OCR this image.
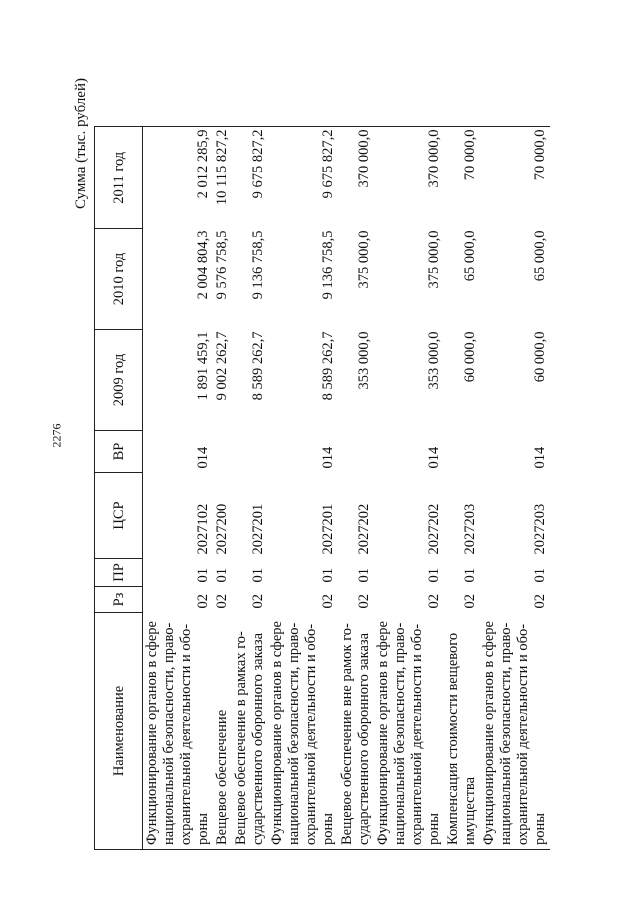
2276
Сумма (тыс. рублей)
Наименование	Рз	ПР	ЦСР	ВР	2009 год	2010 год	2011 год
Функционирование органов в сфере национальной безопасности, право-охранительной деятельности и обо-роны	02	01	2027102	014	1 891 459,1	2 004 804,3	2 012 285,9
Вещевое обеспечение	02	01	2027200		9 002 262,7	9 576 758,5	10 115 827,2
Вещевое обеспечение в рамках го-сударственного оборонного заказа	02	01	2027201		8 589 262,7	9 136 758,5	9 675 827,2
Функционирование органов в сфере национальной безопасности, право-охранительной деятельности и обо-роны	02	01	2027201	014	8 589 262,7	9 136 758,5	9 675 827,2
Вещевое обеспечение вне рамок го-сударственного оборонного заказа	02	01	2027202		353 000,0	375 000,0	370 000,0
Функционирование органов в сфере национальной безопасности, право-охранительной деятельности и обо-роны	02	01	2027202	014	353 000,0	375 000,0	370 000,0
Компенсация стоимости вещевого имущества	02	01	2027203		60 000,0	65 000,0	70 000,0
Функционирование органов в сфере национальной безопасности, право-охранительной деятельности и обо-роны	02	01	2027203	014	60 000,0	65 000,0	70 000,0
